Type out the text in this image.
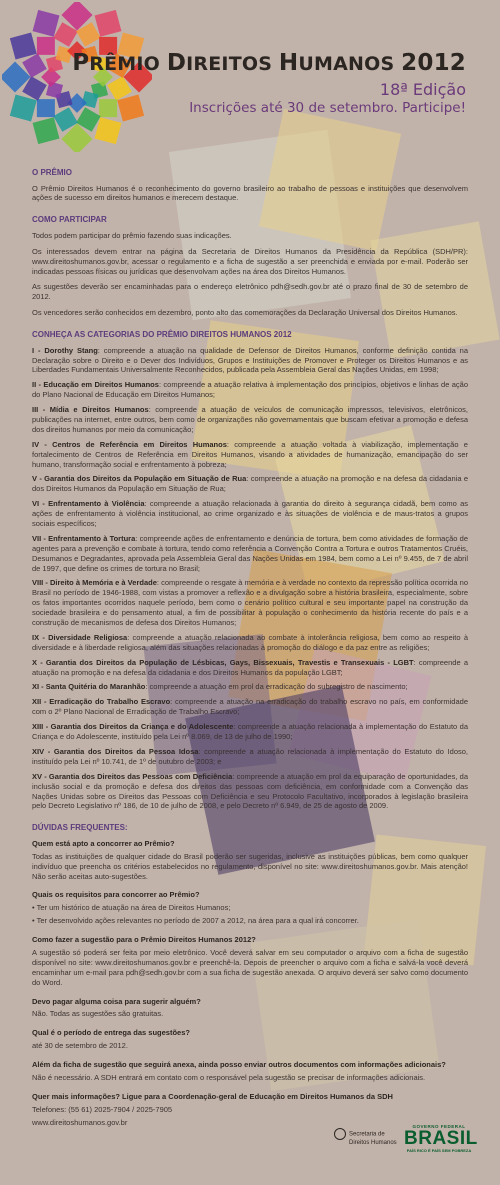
PRÊMIO DIREITOS HUMANOS 2012
18ª Edição
Inscrições até 30 de setembro. Participe!
O PRÊMIO
O Prêmio Direitos Humanos é o reconhecimento do governo brasileiro ao trabalho de pessoas e instituições que desenvolvem ações de sucesso em direitos humanos e merecem destaque.
COMO PARTICIPAR
Todos podem participar do prêmio fazendo suas indicações.
Os interessados devem entrar na página da Secretaria de Direitos Humanos da Presidência da República (SDH/PR): www.direitoshumanos.gov.br, acessar o regulamento e a ficha de sugestão a ser preenchida e enviada por e-mail. Poderão ser indicadas pessoas físicas ou jurídicas que desenvolvam ações na área dos Direitos Humanos.
As sugestões deverão ser encaminhadas para o endereço eletrônico pdh@sedh.gov.br até o prazo final de 30 de setembro de 2012.
Os vencedores serão conhecidos em dezembro, ponto alto das comemorações da Declaração Universal dos Direitos Humanos.
CONHEÇA AS CATEGORIAS DO PRÊMIO DIREITOS HUMANOS 2012
I - Dorothy Stang: compreende a atuação na qualidade de Defensor de Direitos Humanos, conforme definição contida na Declaração sobre o Direito e o Dever dos Indivíduos, Grupos e Instituições de Promover e Proteger os Direitos Humanos e as Liberdades Fundamentais Universalmente Reconhecidos, publicada pela Assembleia Geral das Nações Unidas, em 1998;
II - Educação em Direitos Humanos: compreende a atuação relativa à implementação dos princípios, objetivos e linhas de ação do Plano Nacional de Educação em Direitos Humanos;
III - Mídia e Direitos Humanos: compreende a atuação de veículos de comunicação impressos, televisivos, eletrônicos, publicações na internet, entre outros, bem como de organizações não governamentais que buscam efetivar a promoção e defesa dos direitos humanos por meio da comunicação;
IV - Centros de Referência em Direitos Humanos: compreende a atuação voltada à viabilização, implementação e fortalecimento de Centros de Referência em Direitos Humanos, visando a atividades de humanização, emancipação do ser humano, transformação social e enfrentamento à pobreza;
V - Garantia dos Direitos da População em Situação de Rua: compreende a atuação na promoção e na defesa da cidadania e dos Direitos Humanos da População em Situação de Rua;
VI - Enfrentamento à Violência: compreende a atuação relacionada à garantia do direito à segurança cidadã, bem como as ações de enfrentamento à violência institucional, ao crime organizado e às situações de violência e de maus-tratos a grupos sociais específicos;
VII - Enfrentamento à Tortura: compreende ações de enfrentamento e denúncia de tortura, bem como atividades de formação de agentes para a prevenção e combate à tortura, tendo como referência a Convenção Contra a Tortura e outros Tratamentos Cruéis, Desumanos e Degradantes, aprovada pela Assembleia Geral das Nações Unidas em 1984, bem como a Lei nº 9.455, de 7 de abril de 1997, que define os crimes de tortura no Brasil;
VIII - Direito à Memória e à Verdade: compreende o resgate à memória e à verdade no contexto da repressão política ocorrida no Brasil no período de 1946-1988, com vistas a promover a reflexão e a divulgação sobre a história brasileira, especialmente, sobre os fatos importantes ocorridos naquele período, bem como o cenário político cultural e seu importante papel na construção da sociedade brasileira e do pensamento atual, a fim de possibilitar à população o conhecimento da história recente do país e a construção de mecanismos de defesa dos Direitos Humanos;
IX - Diversidade Religiosa: compreende a atuação relacionada ao combate à intolerância religiosa, bem como ao respeito à diversidade e à liberdade religiosa, além das situações relacionadas à promoção do diálogo e da paz entre as religiões;
X - Garantia dos Direitos da População de Lésbicas, Gays, Bissexuais, Travestis e Transexuais - LGBT: compreende a atuação na promoção e na defesa da cidadania e dos Direitos Humanos da população LGBT;
XI - Santa Quitéria do Maranhão: compreende a atuação em prol da erradicação do subregistro de nascimento;
XII - Erradicação do Trabalho Escravo: compreende a atuação na erradicação do trabalho escravo no país, em conformidade com o 2º Plano Nacional de Erradicação de Trabalho Escravo;
XIII - Garantia dos Direitos da Criança e do Adolescente: compreende a atuação relacionada à implementação do Estatuto da Criança e do Adolescente, instituído pela Lei nº 8.069, de 13 de julho de 1990;
XIV - Garantia dos Direitos da Pessoa Idosa: compreende a atuação relacionada à implementação do Estatuto do Idoso, instituído pela Lei nº 10.741, de 1º de outubro de 2003; e
XV - Garantia dos Direitos das Pessoas com Deficiência: compreende a atuação em prol da equiparação de oportunidades, da inclusão social e da promoção e defesa dos direitos das pessoas com deficiência, em conformidade com a Convenção das Nações Unidas sobre os Direitos das Pessoas com Deficiência e seu Protocolo Facultativo, incorporados à legislação brasileira pelo Decreto Legislativo nº 186, de 10 de julho de 2008, e pelo Decreto nº 6.949, de 25 de agosto de 2009.
DÚVIDAS FREQUENTES:
Quem está apto a concorrer ao Prêmio?
Todas as instituições de qualquer cidade do Brasil poderão ser sugeridas, inclusive as instituições públicas, bem como qualquer indivíduo que preencha os critérios estabelecidos no regulamento, disponível no site: www.direitoshumanos.gov.br. Mais atenção! Não serão aceitas auto-sugestões.
Quais os requisitos para concorrer ao Prêmio?
• Ter um histórico de atuação na área de Direitos Humanos;
• Ter desenvolvido ações relevantes no período de 2007 a 2012, na área para a qual irá concorrer.
Como fazer a sugestão para o Prêmio Direitos Humanos 2012?
A sugestão só poderá ser feita por meio eletrônico. Você deverá salvar em seu computador o arquivo com a ficha de sugestão disponível no site: www.direitoshumanos.gov.br e preenchê-la. Depois de preencher o arquivo com a ficha e salvá-la você deverá encaminhar um e-mail para pdh@sedh.gov.br com a sua ficha de sugestão anexada. O arquivo deverá ser salvo como documento do Word.
Devo pagar alguma coisa para sugerir alguém?
Não. Todas as sugestões são gratuitas.
Qual é o período de entrega das sugestões?
até 30 de setembro de 2012.
Além da ficha de sugestão que seguirá anexa, ainda posso enviar outros documentos com informações adicionais?
Não é necessário. A SDH entrará em contato com o responsável pela sugestão se precisar de informações adicionais.
Quer mais informações? Ligue para a Coordenação-geral de Educação em Direitos Humanos da SDH
Telefones: (55 61) 2025-7904 / 2025-7905
www.direitoshumanos.gov.br
Secretaria de
Direitos Humanos
GOVERNO FEDERAL
BRASIL
PAÍS RICO É PAÍS SEM POBREZA
